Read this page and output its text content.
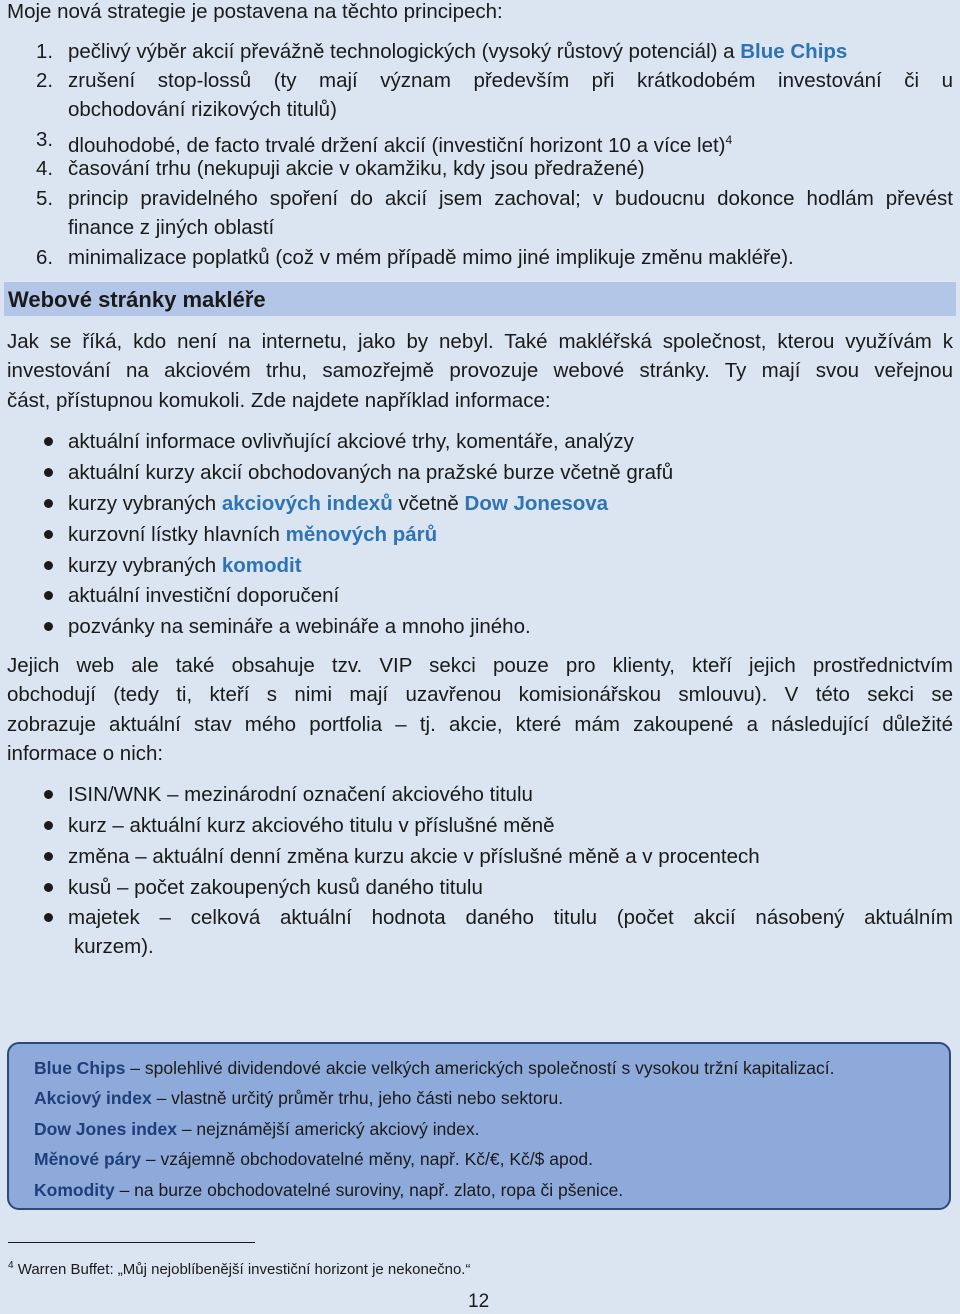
Moje nová strategie je postavena na těchto principech:
1. pečlivý výběr akcií převážně technologických (vysoký růstový potenciál) a Blue Chips
2. zrušení stop-lossů (ty mají význam především při krátkodobém investování či u
obchodování rizikových titulů)
3. dlouhodobé, de facto trvalé držení akcií (investiční horizont 10 a více let)$^4$
4. časování trhu (nekupuji akcie v okamžiku, kdy jsou předražené)
5. princip pravidelného spoření do akcií jsem zachoval; v budoucnu dokonce hodlám převést
finance z jiných oblastí
6. minimalizace poplatků (což v mém případě mimo jiné implikuje změnu makléře).
Webové stránky makléře
Jak se říká, kdo není na internetu, jako by nebyl. Také makléřská společnost, kterou využívám k
investování na akciovém trhu, samozřejmě provozuje webové stránky. Ty mají svou veřejnou
část, přístupnou komukoli. Zde najdete například informace:
aktuální informace ovlivňující akciové trhy, komentáře, analýzy
aktuální kurzy akcií obchodovaných na pražské burze včetně grafů
kurzy vybraných akciových indexů včetně Dow Jonesova
kurzovní lístky hlavních měnových párů
kurzy vybraných komodit
aktuální investiční doporučení
pozvánky na semináře a webináře a mnoho jiného.
Jejich web ale také obsahuje tzv. VIP sekci pouze pro klienty, kteří jejich prostřednictvím
obchodují (tedy ti, kteří s nimi mají uzavřenou komisionářskou smlouvu). V této sekci se
zobrazuje aktuální stav mého portfolia – tj. akcie, které mám zakoupené a následující důležité
informace o nich:
ISIN/WNK – mezinárodní označení akciového titulu
kurz – aktuální kurz akciového titulu v příslušné měně
změna – aktuální denní změna kurzu akcie v příslušné měně a v procentech
kusů – počet zakoupených kusů daného titulu
majetek – celková aktuální hodnota daného titulu (počet akcií násobený aktuálním
kurzem).
Blue Chips – spolehlivé dividendové akcie velkých amerických společností s vysokou tržní kapitalizací.
Akciový index – vlastně určitý průměr trhu, jeho části nebo sektoru.
Dow Jones index – nejznámější americký akciový index.
Měnové páry – vzájemně obchodovatelné měny, např. Kč/€, Kč/$ apod.
Komodity – na burze obchodovatelné suroviny, např. zlato, ropa či pšenice.
$^4$ Warren Buffet: „Můj nejoblíbenější investiční horizont je nekonečno.“
12
